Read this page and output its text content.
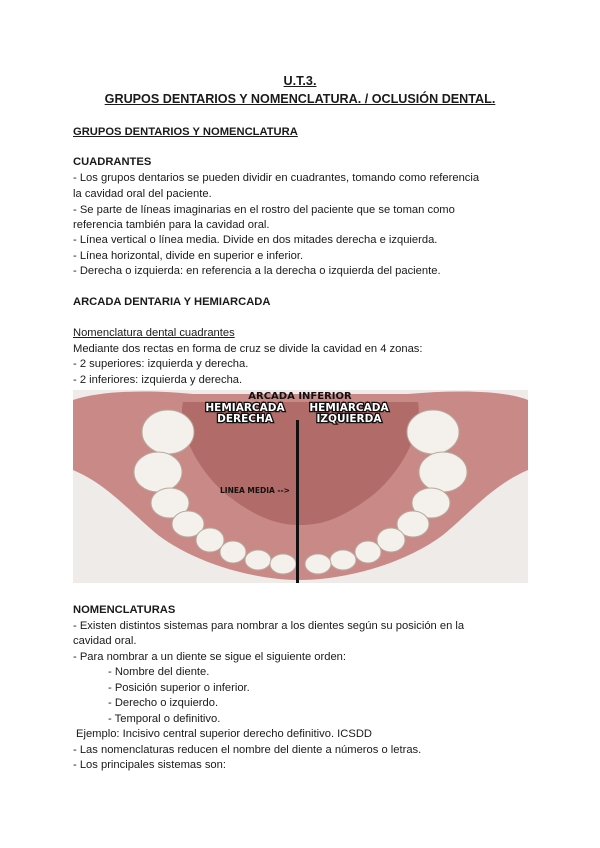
U.T.3.
GRUPOS DENTARIOS Y NOMENCLATURA. / OCLUSIÓN DENTAL.
GRUPOS DENTARIOS Y NOMENCLATURA
CUADRANTES
- Los grupos dentarios se pueden dividir en cuadrantes, tomando como referencia
la cavidad oral del paciente.
- Se parte de líneas imaginarias en el rostro del paciente que se toman como
referencia también para la cavidad oral.
- Línea vertical o línea media. Divide en dos mitades derecha e izquierda.
- Línea horizontal, divide en superior e inferior.
- Derecha o izquierda: en referencia a la derecha o izquierda del paciente.
ARCADA DENTARIA Y HEMIARCADA
Nomenclatura dental cuadrantes
Mediante dos rectas en forma de cruz se divide la cavidad en 4 zonas:
- 2 superiores: izquierda y derecha.
- 2 inferiores: izquierda y derecha.
ARCADA INFERIOR
HEMIARCADA
DERECHA
HEMIARCADA
IZQUIERDA
LINEA MEDIA -->
NOMENCLATURAS
- Existen distintos sistemas para nombrar a los dientes según su posición en la
cavidad oral.
- Para nombrar a un diente se sigue el siguiente orden:
- Nombre del diente.
- Posición superior o inferior.
- Derecho o izquierdo.
- Temporal o definitivo.
Ejemplo: Incisivo central superior derecho definitivo. ICSDD
- Las nomenclaturas reducen el nombre del diente a números o letras.
- Los principales sistemas son:
